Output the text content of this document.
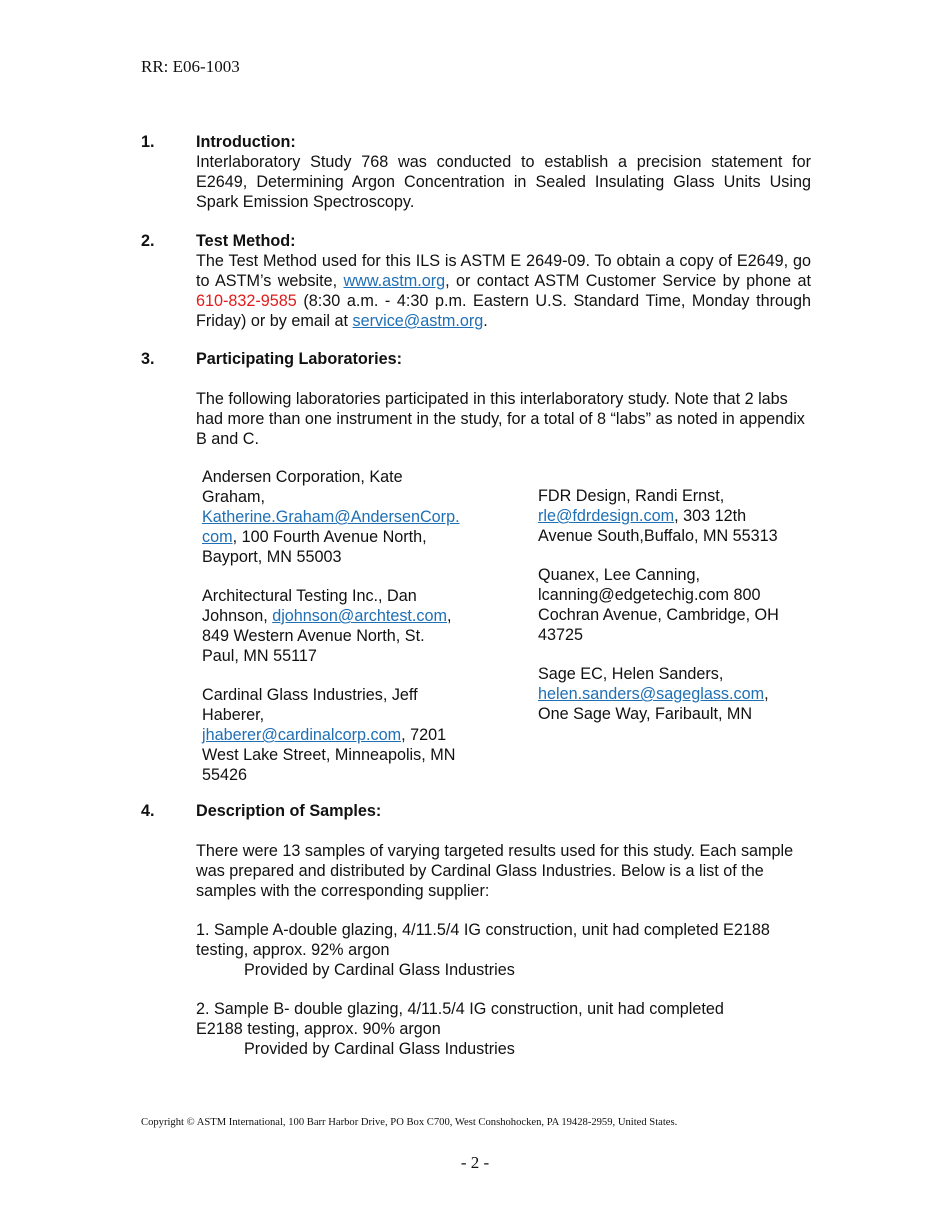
RR: E06-1003
1.	Introduction:
Interlaboratory Study 768 was conducted to establish a precision statement for E2649, Determining Argon Concentration in Sealed Insulating Glass Units Using Spark Emission Spectroscopy.
2.	Test Method:
The Test Method used for this ILS is ASTM E 2649-09. To obtain a copy of E2649, go to ASTM’s website, www.astm.org, or contact ASTM Customer Service by phone at 610-832-9585 (8:30 a.m. - 4:30 p.m. Eastern U.S. Standard Time, Monday through Friday) or by email at service@astm.org.
3.	Participating Laboratories:
The following laboratories participated in this interlaboratory study. Note that 2 labs had more than one instrument in the study, for a total of 8 “labs” as noted in appendix B and C.
Andersen Corporation, Kate
Graham,
Katherine.Graham@AndersenCorp.
com, 100 Fourth Avenue North,
Bayport, MN 55003
Architectural Testing Inc., Dan
Johnson, djohnson@archtest.com,
849 Western Avenue North, St.
Paul, MN 55117
Cardinal Glass Industries, Jeff
Haberer,
jhaberer@cardinalcorp.com, 7201
West Lake Street, Minneapolis, MN
55426
FDR Design, Randi Ernst,
rle@fdrdesign.com, 303 12th
Avenue South,Buffalo, MN 55313
Quanex, Lee Canning,
lcanning@edgetechig.com 800
Cochran Avenue, Cambridge, OH
43725
Sage EC, Helen Sanders,
helen.sanders@sageglass.com,
One Sage Way, Faribault, MN
4.	Description of Samples:
There were 13 samples of varying targeted results used for this study. Each sample was prepared and distributed by Cardinal Glass Industries. Below is a list of the samples with the corresponding supplier:
1. Sample A-double glazing, 4/11.5/4 IG construction, unit had completed E2188
testing, approx. 92% argon
Provided by Cardinal Glass Industries
2. Sample B- double glazing, 4/11.5/4 IG construction, unit had completed
E2188 testing, approx. 90% argon
Provided by Cardinal Glass Industries
Copyright © ASTM International, 100 Barr Harbor Drive, PO Box C700, West Conshohocken, PA 19428-2959, United States.
- 2 -
